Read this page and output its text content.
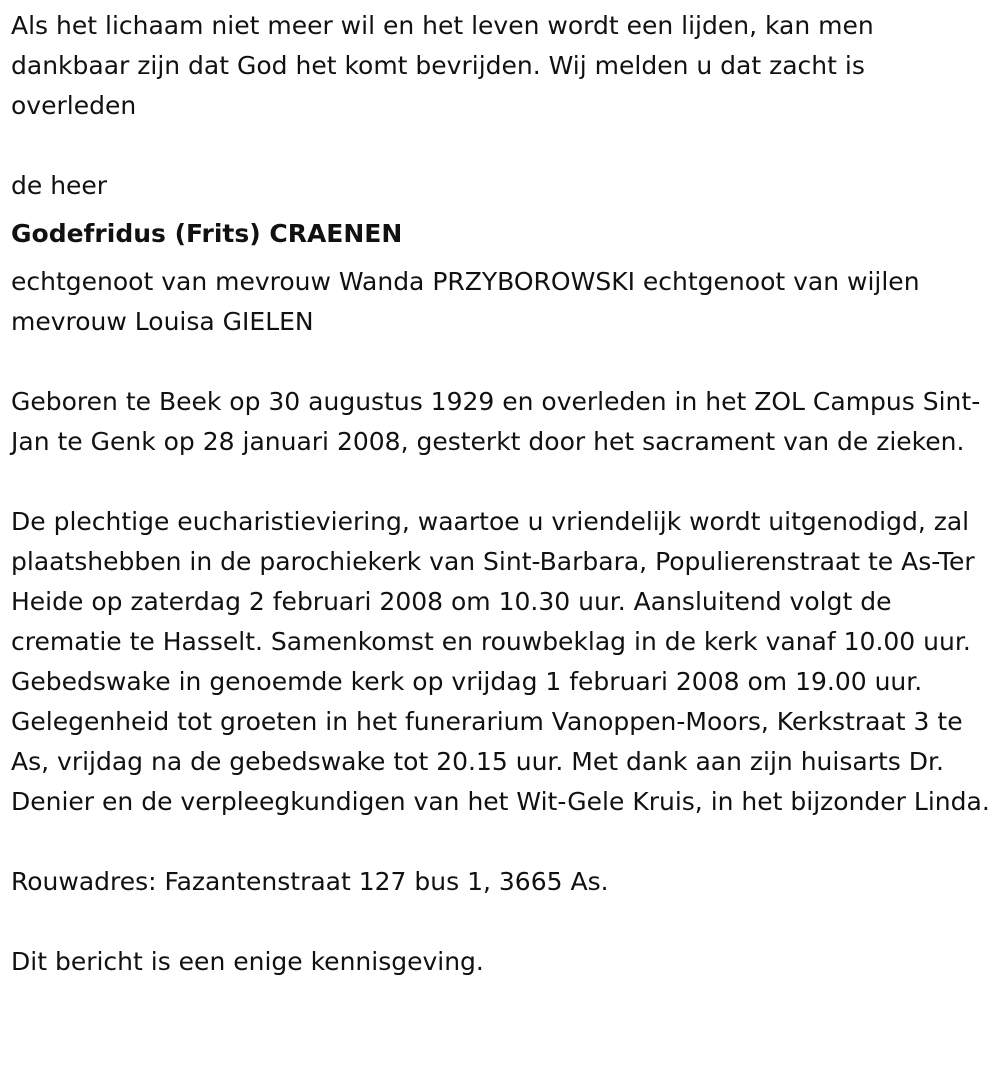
Als het lichaam niet meer wil en het leven wordt een lijden, kan men dankbaar zijn dat God het komt bevrijden. Wij melden u dat zacht is overleden

de heer

Godefridus (Frits) CRAENEN

echtgenoot van mevrouw Wanda PRZYBOROWSKI echtgenoot van wijlen mevrouw Louisa GIELEN

Geboren te Beek op 30 augustus 1929 en overleden in het ZOL Campus Sint-Jan te Genk op 28 januari 2008, gesterkt door het sacrament van de zieken.

De plechtige eucharistieviering, waartoe u vriendelijk wordt uitgenodigd, zal plaatshebben in de parochiekerk van Sint-Barbara, Populierenstraat te As-Ter Heide op zaterdag 2 februari 2008 om 10.30 uur. Aansluitend volgt de crematie te Hasselt. Samenkomst en rouwbeklag in de kerk vanaf 10.00 uur. Gebedswake in genoemde kerk op vrijdag 1 februari 2008 om 19.00 uur. Gelegenheid tot groeten in het funerarium Vanoppen-Moors, Kerkstraat 3 te As, vrijdag na de gebedswake tot 20.15 uur. Met dank aan zijn huisarts Dr. Denier en de verpleegkundigen van het Wit-Gele Kruis, in het bijzonder Linda.

Rouwadres: Fazantenstraat 127 bus 1, 3665 As.

Dit bericht is een enige kennisgeving.
